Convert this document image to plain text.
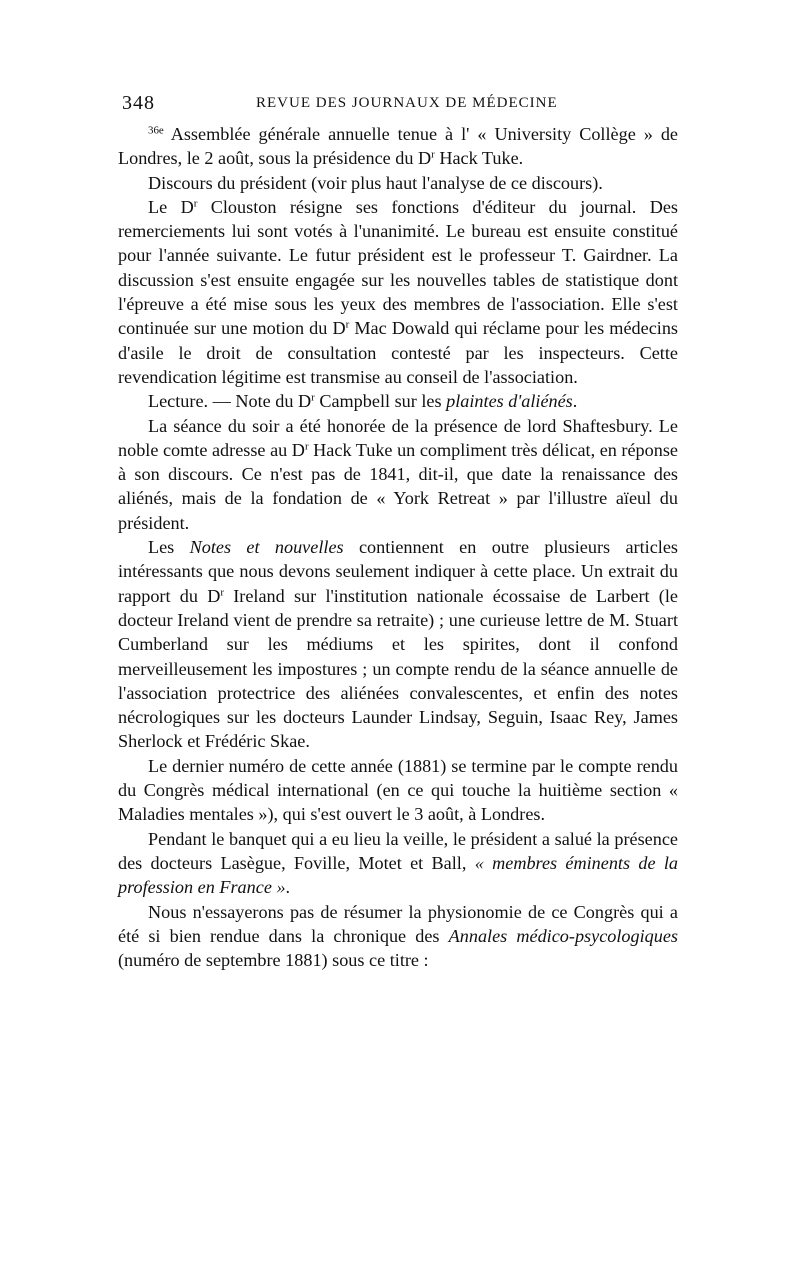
348	REVUE DES JOURNAUX DE MÉDECINE

$^{36e}$ Assemblée générale annuelle tenue à l' « University Collège » de Londres, le 2 août, sous la présidence du $D^r$ Hack Tuke.

Discours du président (voir plus haut l'analyse de ce discours).

Le $D^r$ Clouston résigne ses fonctions d'éditeur du journal. Des remerciements lui sont votés à l'unanimité. Le bureau est ensuite constitué pour l'année suivante. Le futur président est le professeur T. Gairdner. La discussion s'est ensuite engagée sur les nouvelles tables de statistique dont l'épreuve a été mise sous les yeux des membres de l'association. Elle s'est continuée sur une motion du $D^r$ Mac Dowald qui réclame pour les médecins d'asile le droit de consultation contesté par les inspecteurs. Cette revendication légitime est transmise au conseil de l'association.

Lecture. — Note du $D^r$ Campbell sur les plaintes d'aliénés.

La séance du soir a été honorée de la présence de lord Shaftesbury. Le noble comte adresse au $D^r$ Hack Tuke un compliment très délicat, en réponse à son discours. Ce n'est pas de 1841, dit-il, que date la renaissance des aliénés, mais de la fondation de « York Retreat » par l'illustre aïeul du président.

Les Notes et nouvelles contiennent en outre plusieurs articles intéressants que nous devons seulement indiquer à cette place. Un extrait du rapport du $D^r$ Ireland sur l'institution nationale écossaise de Larbert (le docteur Ireland vient de prendre sa retraite) ; une curieuse lettre de M. Stuart Cumberland sur les médiums et les spirites, dont il confond merveilleusement les impostures ; un compte rendu de la séance annuelle de l'association protectrice des aliénées convalescentes, et enfin des notes nécrologiques sur les docteurs Launder Lindsay, Seguin, Isaac Rey, James Sherlock et Frédéric Skae.

Le dernier numéro de cette année (1881) se termine par le compte rendu du Congrès médical international (en ce qui touche la huitième section « Maladies mentales »), qui s'est ouvert le 3 août, à Londres.

Pendant le banquet qui a eu lieu la veille, le président a salué la présence des docteurs Lasègue, Foville, Motet et Ball, « membres éminents de la profession en France ».

Nous n'essayerons pas de résumer la physionomie de ce Congrès qui a été si bien rendue dans la chronique des Annales médico-psycologiques (numéro de septembre 1881) sous ce titre :
